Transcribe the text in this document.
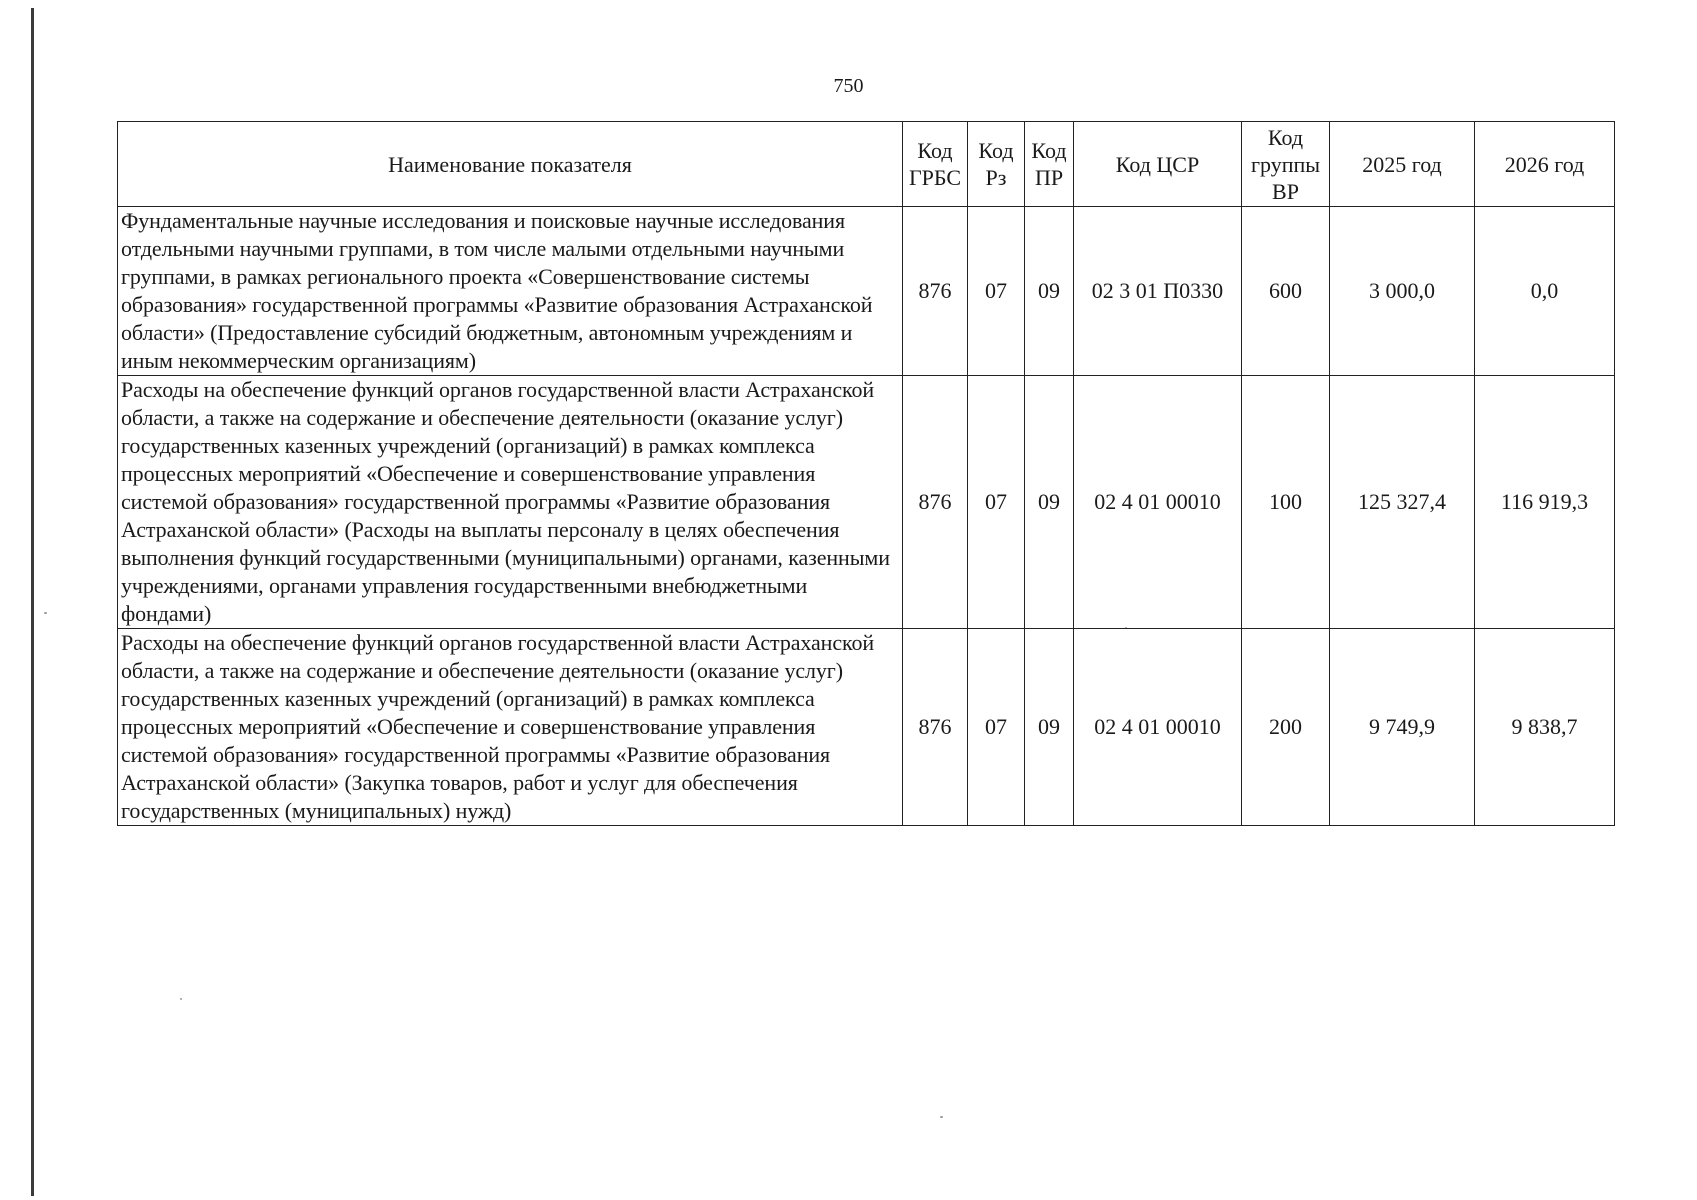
750
Наименование показателя	Код ГРБС	Код Рз	Код ПР	Код ЦСР	Код группы ВР	2025 год	2026 год
Фундаментальные научные исследования и поисковые научные исследования отдельными научными группами, в том числе малыми отдельными научными группами, в рамках регионального проекта «Совершенствование системы образования» государственной программы «Развитие образования Астраханской области» (Предоставление субсидий бюджетным, автономным учреждениям и иным некоммерческим организациям)	876	07	09	02 3 01 П0330	600	3 000,0	0,0
Расходы на обеспечение функций органов государственной власти Астраханской области, а также на содержание и обеспечение деятельности (оказание услуг) государственных казенных учреждений (организаций) в рамках комплекса процессных мероприятий «Обеспечение и совершенствование управления системой образования» государственной программы «Развитие образования Астраханской области» (Расходы на выплаты персоналу в целях обеспечения выполнения функций государственными (муниципальными) органами, казенными учреждениями, органами управления государственными внебюджетными фондами)	876	07	09	02 4 01 00010	100	125 327,4	116 919,3
Расходы на обеспечение функций органов государственной власти Астраханской области, а также на содержание и обеспечение деятельности (оказание услуг) государственных казенных учреждений (организаций) в рамках комплекса процессных мероприятий «Обеспечение и совершенствование управления системой образования» государственной программы «Развитие образования Астраханской области» (Закупка товаров, работ и услуг для обеспечения государственных (муниципальных) нужд)	876	07	09	02 4 01 00010	200	9 749,9	9 838,7
